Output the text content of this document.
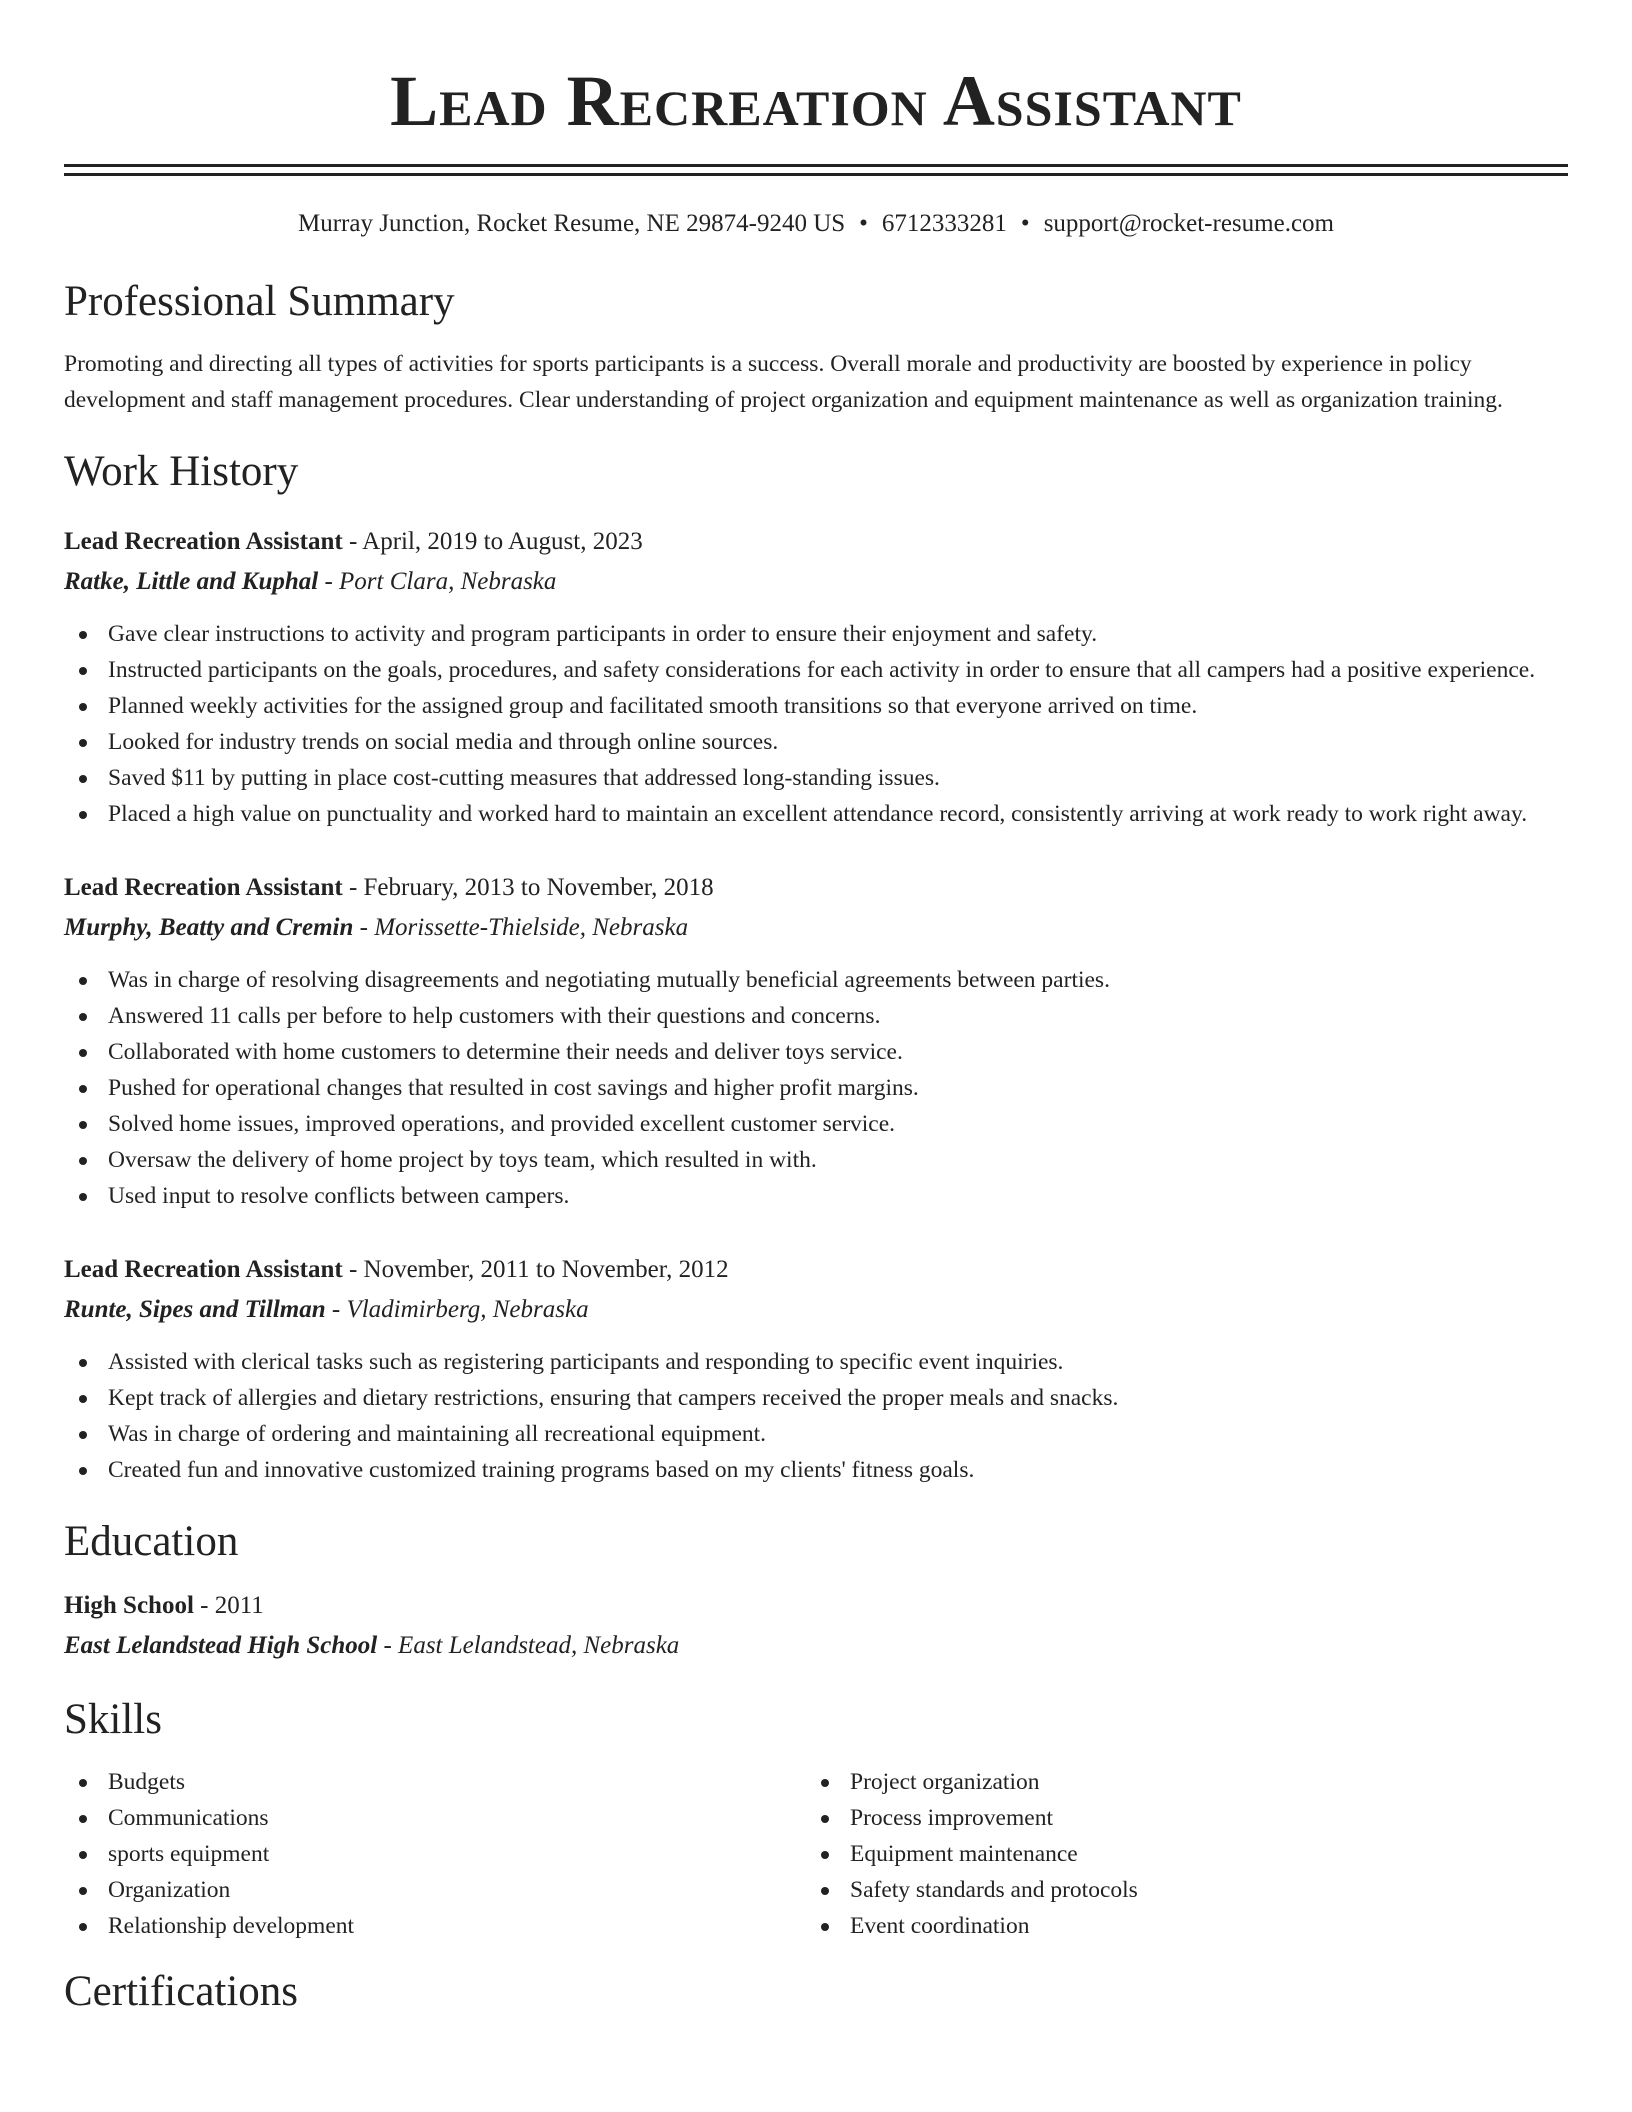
Lead Recreation Assistant
Murray Junction, Rocket Resume, NE 29874-9240 US • 6712333281 • support@rocket-resume.com
Professional Summary
Promoting and directing all types of activities for sports participants is a success. Overall morale and productivity are boosted by experience in policy development and staff management procedures. Clear understanding of project organization and equipment maintenance as well as organization training.
Work History
Lead Recreation Assistant - April, 2019 to August, 2023
Ratke, Little and Kuphal - Port Clara, Nebraska
Gave clear instructions to activity and program participants in order to ensure their enjoyment and safety.
Instructed participants on the goals, procedures, and safety considerations for each activity in order to ensure that all campers had a positive experience.
Planned weekly activities for the assigned group and facilitated smooth transitions so that everyone arrived on time.
Looked for industry trends on social media and through online sources.
Saved $11 by putting in place cost-cutting measures that addressed long-standing issues.
Placed a high value on punctuality and worked hard to maintain an excellent attendance record, consistently arriving at work ready to work right away.
Lead Recreation Assistant - February, 2013 to November, 2018
Murphy, Beatty and Cremin - Morissette-Thielside, Nebraska
Was in charge of resolving disagreements and negotiating mutually beneficial agreements between parties.
Answered 11 calls per before to help customers with their questions and concerns.
Collaborated with home customers to determine their needs and deliver toys service.
Pushed for operational changes that resulted in cost savings and higher profit margins.
Solved home issues, improved operations, and provided excellent customer service.
Oversaw the delivery of home project by toys team, which resulted in with.
Used input to resolve conflicts between campers.
Lead Recreation Assistant - November, 2011 to November, 2012
Runte, Sipes and Tillman - Vladimirberg, Nebraska
Assisted with clerical tasks such as registering participants and responding to specific event inquiries.
Kept track of allergies and dietary restrictions, ensuring that campers received the proper meals and snacks.
Was in charge of ordering and maintaining all recreational equipment.
Created fun and innovative customized training programs based on my clients' fitness goals.
Education
High School - 2011
East Lelandstead High School - East Lelandstead, Nebraska
Skills
Budgets
Communications
sports equipment
Organization
Relationship development
Project organization
Process improvement
Equipment maintenance
Safety standards and protocols
Event coordination
Certifications
